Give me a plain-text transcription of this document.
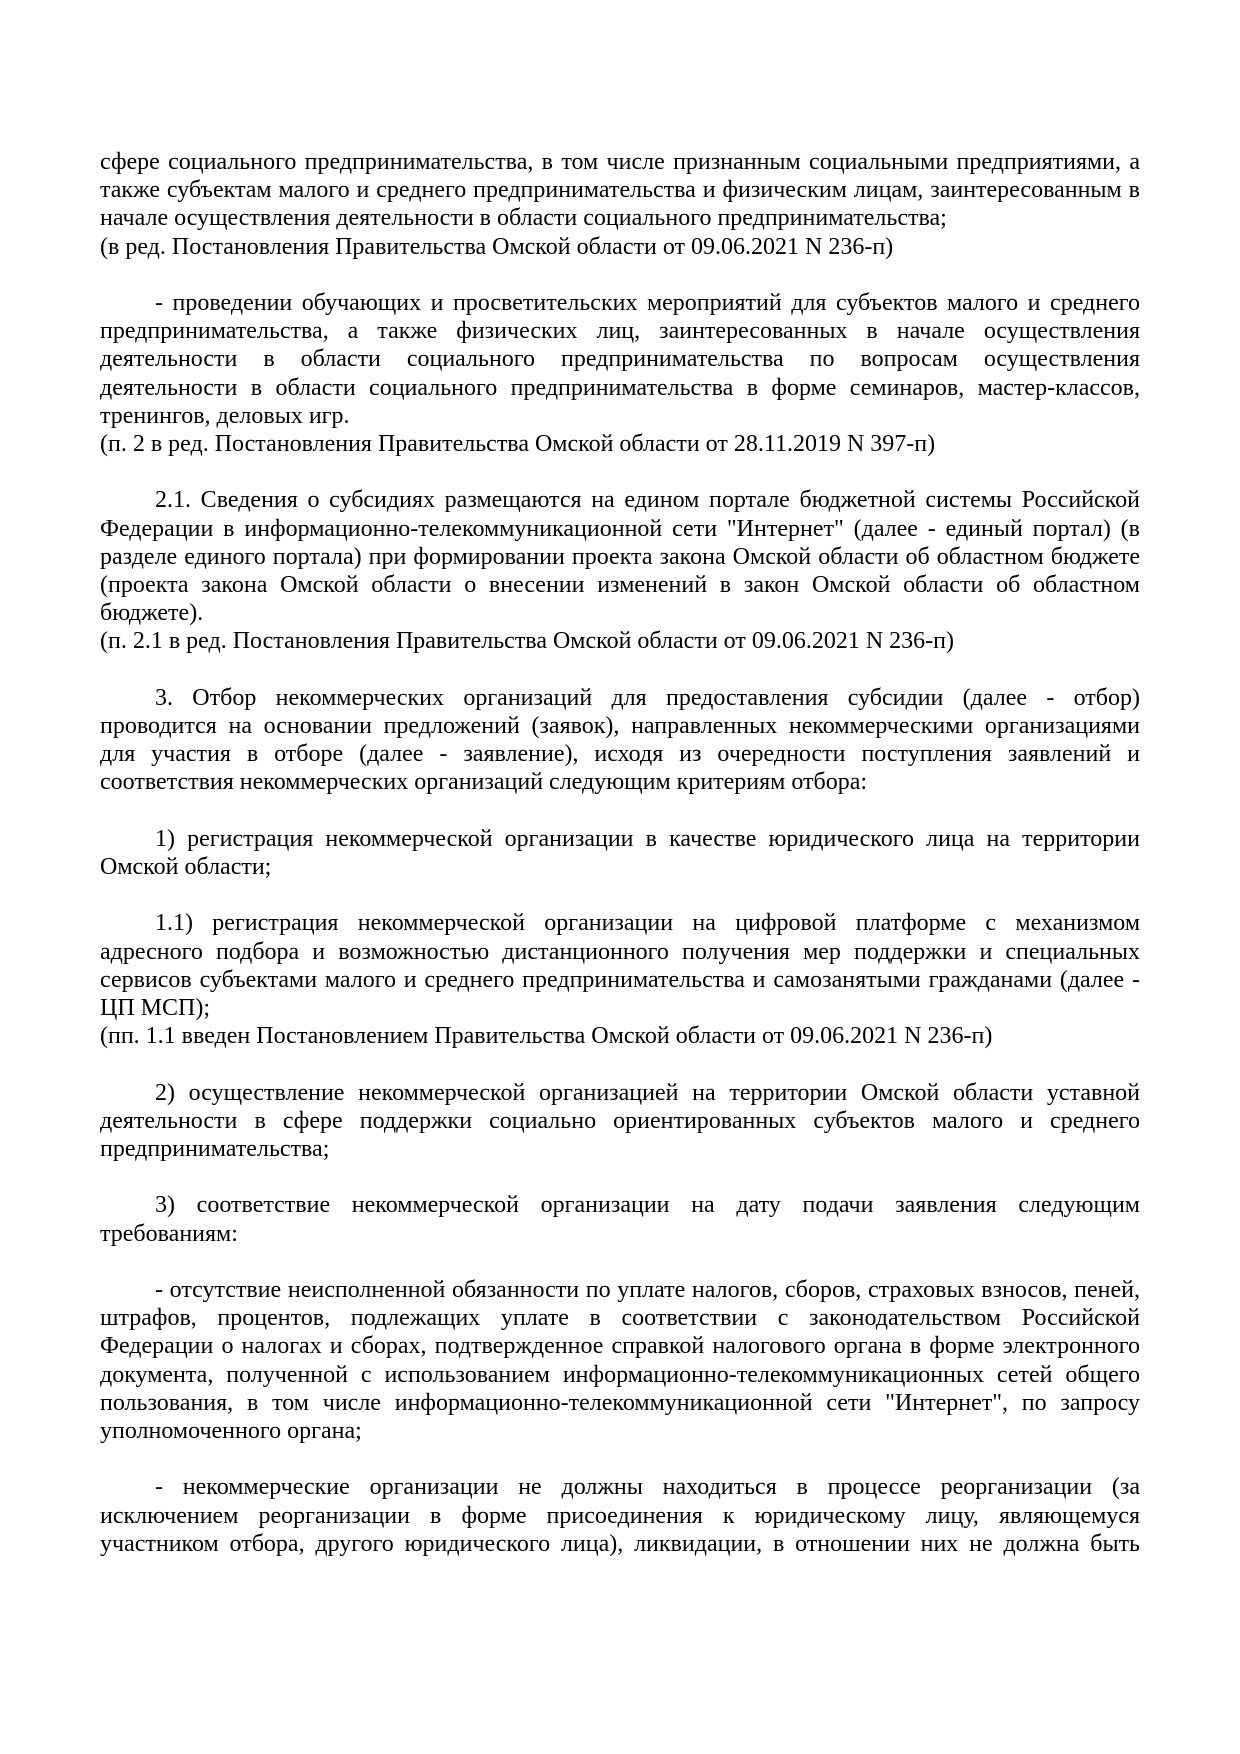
сфере социального предпринимательства, в том числе признанным социальными предприятиями, а также субъектам малого и среднего предпринимательства и физическим лицам, заинтересованным в начале осуществления деятельности в области социального предпринимательства;

(в ред. Постановления Правительства Омской области от 09.06.2021 N 236-п)

- проведении обучающих и просветительских мероприятий для субъектов малого и среднего предпринимательства, а также физических лиц, заинтересованных в начале осуществления деятельности в области социального предпринимательства по вопросам осуществления деятельности в области социального предпринимательства в форме семинаров, мастер-классов, тренингов, деловых игр.

(п. 2 в ред. Постановления Правительства Омской области от 28.11.2019 N 397-п)

2.1. Сведения о субсидиях размещаются на едином портале бюджетной системы Российской Федерации в информационно-телекоммуникационной сети "Интернет" (далее - единый портал) (в разделе единого портала) при формировании проекта закона Омской области об областном бюджете (проекта закона Омской области о внесении изменений в закон Омской области об областном бюджете).

(п. 2.1 в ред. Постановления Правительства Омской области от 09.06.2021 N 236-п)

3. Отбор некоммерческих организаций для предоставления субсидии (далее - отбор) проводится на основании предложений (заявок), направленных некоммерческими организациями для участия в отборе (далее - заявление), исходя из очередности поступления заявлений и соответствия некоммерческих организаций следующим критериям отбора:

1) регистрация некоммерческой организации в качестве юридического лица на территории Омской области;

1.1) регистрация некоммерческой организации на цифровой платформе с механизмом адресного подбора и возможностью дистанционного получения мер поддержки и специальных сервисов субъектами малого и среднего предпринимательства и самозанятыми гражданами (далее - ЦП МСП);

(пп. 1.1 введен Постановлением Правительства Омской области от 09.06.2021 N 236-п)

2) осуществление некоммерческой организацией на территории Омской области уставной деятельности в сфере поддержки социально ориентированных субъектов малого и среднего предпринимательства;

3) соответствие некоммерческой организации на дату подачи заявления следующим требованиям:

- отсутствие неисполненной обязанности по уплате налогов, сборов, страховых взносов, пеней, штрафов, процентов, подлежащих уплате в соответствии с законодательством Российской Федерации о налогах и сборах, подтвержденное справкой налогового органа в форме электронного документа, полученной с использованием информационно-телекоммуникационных сетей общего пользования, в том числе информационно-телекоммуникационной сети "Интернет", по запросу уполномоченного органа;

- некоммерческие организации не должны находиться в процессе реорганизации (за исключением реорганизации в форме присоединения к юридическому лицу, являющемуся участником отбора, другого юридического лица), ликвидации, в отношении них не должна быть
